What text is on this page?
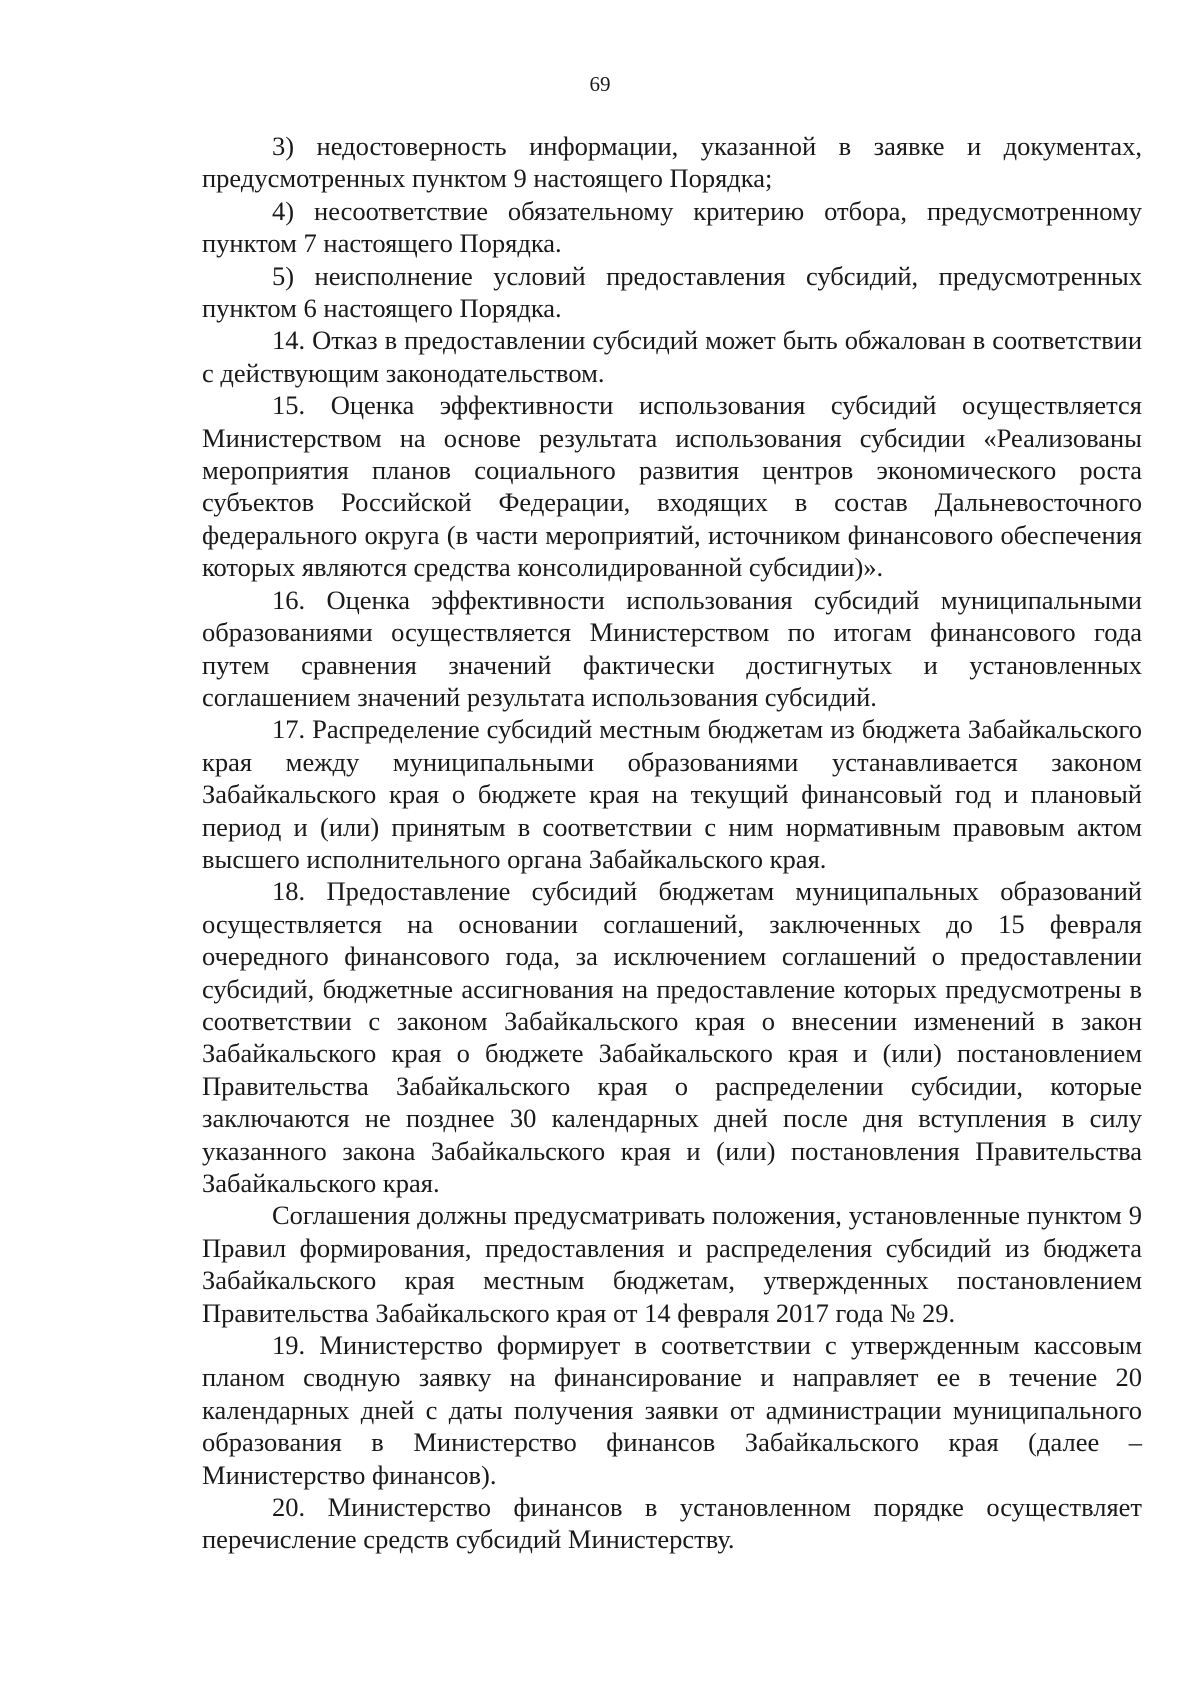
69

3) недостоверность информации, указанной в заявке и документах, предусмотренных пунктом 9 настоящего Порядка;

4) несоответствие обязательному критерию отбора, предусмотренному пунктом 7 настоящего Порядка.

5) неисполнение условий предоставления субсидий, предусмотренных пунктом 6 настоящего Порядка.

14. Отказ в предоставлении субсидий может быть обжалован в соответствии с действующим законодательством.

15. Оценка эффективности использования субсидий осуществляется Министерством на основе результата использования субсидии «Реализованы мероприятия планов социального развития центров экономического роста субъектов Российской Федерации, входящих в состав Дальневосточного федерального округа (в части мероприятий, источником финансового обеспечения которых являются средства консолидированной субсидии)».

16. Оценка эффективности использования субсидий муниципальными образованиями осуществляется Министерством по итогам финансового года путем сравнения значений фактически достигнутых и установленных соглашением значений результата использования субсидий.

17. Распределение субсидий местным бюджетам из бюджета Забайкальского края между муниципальными образованиями устанавливается законом Забайкальского края о бюджете края на текущий финансовый год и плановый период и (или) принятым в соответствии с ним нормативным правовым актом высшего исполнительного органа Забайкальского края.

18. Предоставление субсидий бюджетам муниципальных образований осуществляется на основании соглашений, заключенных до 15 февраля очередного финансового года, за исключением соглашений о предоставлении субсидий, бюджетные ассигнования на предоставление которых предусмотрены в соответствии с законом Забайкальского края о внесении изменений в закон Забайкальского края о бюджете Забайкальского края и (или) постановлением Правительства Забайкальского края о распределении субсидии, которые заключаются не позднее 30 календарных дней после дня вступления в силу указанного закона Забайкальского края и (или) постановления Правительства Забайкальского края.

Соглашения должны предусматривать положения, установленные пунктом 9 Правил формирования, предоставления и распределения субсидий из бюджета Забайкальского края местным бюджетам, утвержденных постановлением Правительства Забайкальского края от 14 февраля 2017 года № 29.

19. Министерство формирует в соответствии с утвержденным кассовым планом сводную заявку на финансирование и направляет ее в течение 20 календарных дней с даты получения заявки от администрации муниципального образования в Министерство финансов Забайкальского края (далее – Министерство финансов).

20. Министерство финансов в установленном порядке осуществляет перечисление средств субсидий Министерству.
